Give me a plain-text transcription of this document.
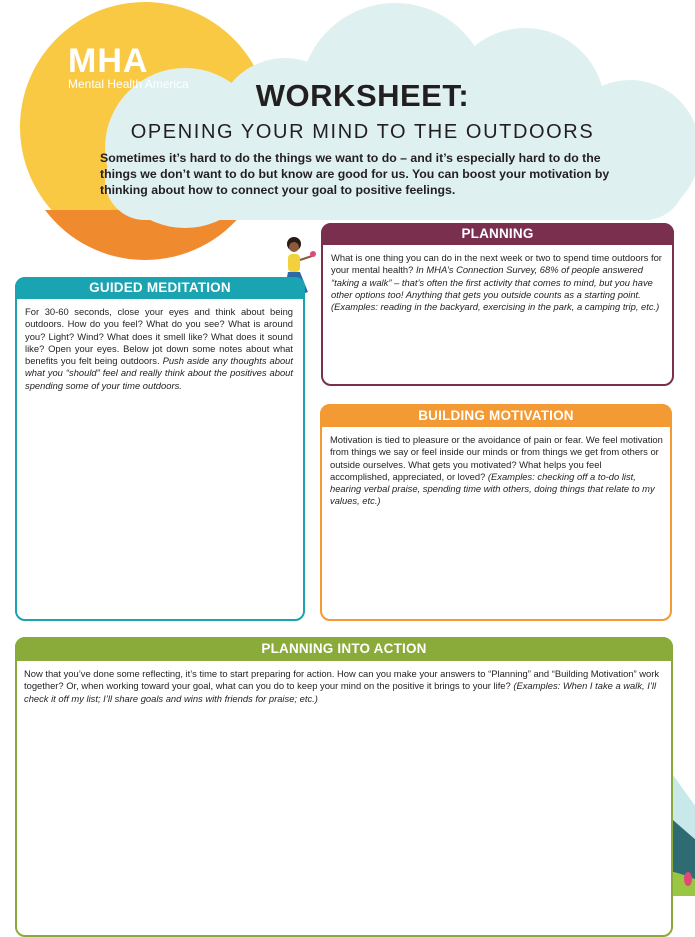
MHA
Mental Health America	WORKSHEET:
OPENING YOUR MIND TO THE OUTDOORS
Sometimes it’s hard to do the things we want to do – and it’s especially hard to do the things we don’t want to do but know are good for us. You can boost your motivation by thinking about how to connect your goal to positive feelings.
PLANNING
What is one thing you can do in the next week or two to spend time outdoors for your mental health? In MHA’s Connection Survey, 68% of people answered “taking a walk” – that’s often the first activity that comes to mind, but you have other options too! Anything that gets you outside counts as a starting point. (Examples: reading in the backyard, exercising in the park, a camping trip, etc.)
GUIDED MEDITATION
For 30-60 seconds, close your eyes and think about being outdoors. How do you feel? What do you see? What is around you? Light? Wind? What does it smell like? What does it sound like? Open your eyes. Below jot down some notes about what benefits you felt being outdoors. Push aside any thoughts about what you “should” feel and really think about the positives about spending some of your time outdoors.
BUILDING MOTIVATION
Motivation is tied to pleasure or the avoidance of pain or fear. We feel motivation from things we say or feel inside our minds or from things we get from others or outside ourselves. What gets you motivated? What helps you feel accomplished, appreciated, or loved? (Examples: checking off a to-do list, hearing verbal praise, spending time with others, doing things that relate to my values, etc.)
PLANNING INTO ACTION
Now that you’ve done some reflecting, it’s time to start preparing for action. How can you make your answers to “Planning” and “Building Motivation” work together? Or, when working toward your goal, what can you do to keep your mind on the positive it brings to your life? (Examples: When I take a walk, I’ll check it off my list; I’ll share goals and wins with friends for praise; etc.)
